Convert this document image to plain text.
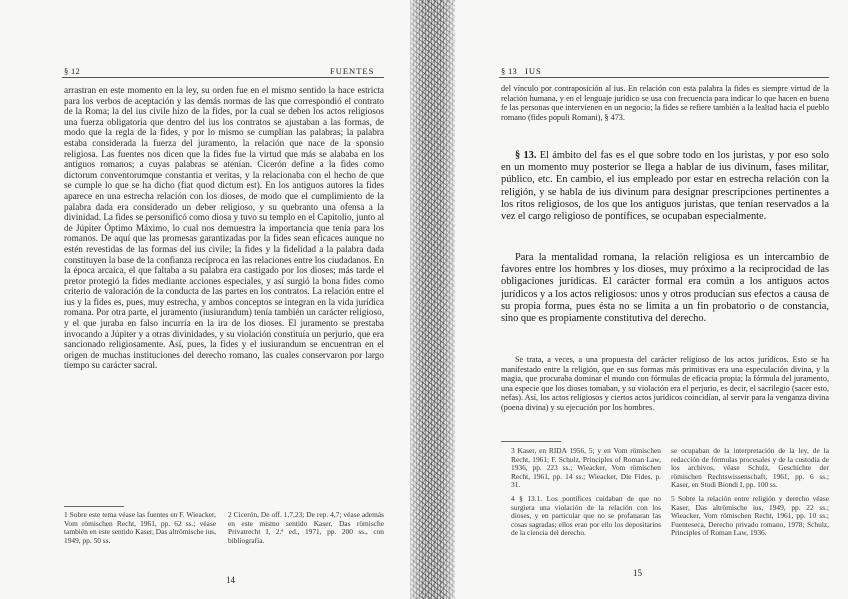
§ 12	FUENTES

arrastran en este momento en la ley, su orden fue en el mismo sentido la hace estricta para los verbos de aceptación y las demás normas de las que correspondió el contrato de la Roma; la del ius civile hizo de la fides, por la cual se deben los actos religiosos una fuerza obligatoria que dentro del ius los contratos se ajustaban a las formas, de modo que la regla de la fides, y por lo mismo se cumplían las palabras; la palabra estaba considerada la fuerza del juramento, la relación que nace de la sponsio religiosa. Las fuentes nos dicen que la fides fue la virtud que más se alababa en los antiguos romanos; a cuyas palabras se atenían. Cicerón define a la fides como dictorum conventorumque constantia et veritas, y la relacionaba con el hecho de que se cumple lo que se ha dicho (fiat quod dictum est). En los antiguos autores la fides aparece en una estrecha relación con los dioses, de modo que el cumplimiento de la palabra dada era considerado un deber religioso, y su quebranto una ofensa a la divinidad. La fides se personificó como diosa y tuvo su templo en el Capitolio, junto al de Júpiter Óptimo Máximo, lo cual nos demuestra la importancia que tenía para los romanos. De aquí que las promesas garantizadas por la fides sean eficaces aunque no estén revestidas de las formas del ius civile; la fides y la fidelidad a la palabra dada constituyen la base de la confianza recíproca en las relaciones entre los ciudadanos. En la época arcaica, el que faltaba a su palabra era castigado por los dioses; más tarde el pretor protegió la fides mediante acciones especiales, y así surgió la bona fides como criterio de valoración de la conducta de las partes en los contratos. La relación entre el ius y la fides es, pues, muy estrecha, y ambos conceptos se integran en la vida jurídica romana. Por otra parte, el juramento (iusiurandum) tenía también un carácter religioso, y el que juraba en falso incurría en la ira de los dioses. El juramento se prestaba invocando a Júpiter y a otras divinidades, y su violación constituía un perjurio, que era sancionado religiosamente. Así, pues, la fides y el iusiurandum se encuentran en el origen de muchas instituciones del derecho romano, las cuales conservaron por largo tiempo su carácter sacral.

1 Sobre este tema véase las fuentes en F. Wieacker, Vom römischen Recht, 1961, pp. 62 ss.; véase también en este sentido Kaser, Das altrömische ius, 1949, pp. 50 ss.

2 Cicerón, De off. 1,7,23; De rep. 4,7; véase además en este mismo sentido Kaser, Das römische Privatrecht I, 2.ª ed., 1971, pp. 200 ss., con bibliografía.

14
§ 13 IUS

del vínculo por contraposición al ius. En relación con esta palabra la fides es siempre virtud de la relación humana, y en el lenguaje jurídico se usa con frecuencia para indicar lo que hacen en buena fe las personas que intervienen en un negocio; la fides se refiere también a la lealtad hacia el pueblo romano (fides populi Romani), § 473.

§ 13. El ámbito del fas es el que sobre todo en los juristas, y por eso solo en un momento muy posterior se llega a hablar de ius divinum, fases militar, público, etc. En cambio, el ius empleado por estar en estrecha relación con la religión, y se habla de ius divinum para designar prescripciones pertinentes a los ritos religiosos, de los que los antiguos juristas, que tenían reservados a la vez el cargo religioso de pontífices, se ocupaban especialmente.

Para la mentalidad romana, la relación religiosa es un intercambio de favores entre los hombres y los dioses, muy próximo a la reciprocidad de las obligaciones jurídicas. El carácter formal era común a los antiguos actos jurídicos y a los actos religiosos: unos y otros producían sus efectos a causa de su propia forma, pues ésta no se limita a un fin probatorio o de constancia, sino que es propiamente constitutiva del derecho.

Se trata, a veces, a una propuesta del carácter religioso de los actos jurídicos. Esto se ha manifestado entre la religión, que en sus formas más primitivas era una especulación divina, y la magia, que procuraba dominar el mundo con fórmulas de eficacia propia; la fórmula del juramento, una especie que los dioses tomaban, y su violación era el perjurio, es decir, el sacrilegio (sacer esto, nefas). Así, los actos religiosos y ciertos actos jurídicos coincidían, al servir para la venganza divina (poena divina) y su ejecución por los hombres.

3 Kaser, en RIDA 1956, 5; y en Vom römischen Recht, 1961; F. Schulz, Principles of Roman Law, 1936, pp. 223 ss.; Wieacker, Vom römischen Recht, 1961, pp. 14 ss.; Wieacker, Die Fides, p. 31.

4 § 13.1. Los pontífices cuidaban de que no surgiera una violación de la relación con los dioses, y en particular que no se profanaran las cosas sagradas; ellos eran por ello los depositarios de la ciencia del derecho.

se ocupaban de la interpretación de la ley, de la redacción de fórmulas procesales y de la custodia de los archivos, véase Schulz, Geschichte der römischen Rechtswissenschaft, 1961, pp. 6 ss.; Kaser, en Studi Biondi I, pp. 100 ss.

5 Sobre la relación entre religión y derecho véase Kaser, Das altrömische ius, 1949, pp. 22 ss.; Wieacker, Vom römischen Recht, 1961, pp. 10 ss.; Fuenteseca, Derecho privado romano, 1978; Schulz, Principles of Roman Law, 1936.

15
